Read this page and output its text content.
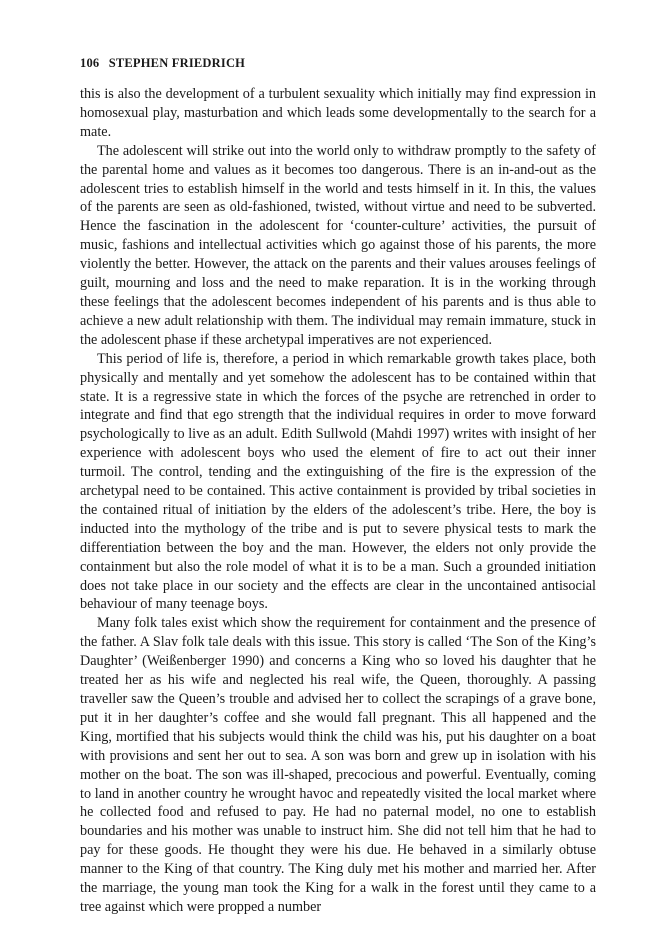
106 STEPHEN FRIEDRICH

this is also the development of a turbulent sexuality which initially may find expression in homosexual play, masturbation and which leads some developmentally to the search for a mate.

The adolescent will strike out into the world only to withdraw promptly to the safety of the parental home and values as it becomes too dangerous. There is an in-and-out as the adolescent tries to establish himself in the world and tests himself in it. In this, the values of the parents are seen as old-fashioned, twisted, without virtue and need to be subverted. Hence the fascination in the adolescent for ‘counter-culture’ activities, the pursuit of music, fashions and intellectual activities which go against those of his parents, the more violently the better. However, the attack on the parents and their values arouses feelings of guilt, mourning and loss and the need to make reparation. It is in the working through these feelings that the adolescent becomes independent of his parents and is thus able to achieve a new adult relationship with them. The individual may remain immature, stuck in the adolescent phase if these archetypal imperatives are not experienced.

This period of life is, therefore, a period in which remarkable growth takes place, both physically and mentally and yet somehow the adolescent has to be contained within that state. It is a regressive state in which the forces of the psyche are retrenched in order to integrate and find that ego strength that the individual requires in order to move forward psychologically to live as an adult. Edith Sullwold (Mahdi 1997) writes with insight of her experience with adolescent boys who used the element of fire to act out their inner turmoil. The control, tending and the extinguishing of the fire is the expression of the archetypal need to be contained. This active containment is provided by tribal societies in the contained ritual of initiation by the elders of the adolescent’s tribe. Here, the boy is inducted into the mythology of the tribe and is put to severe physical tests to mark the differentiation between the boy and the man. However, the elders not only provide the containment but also the role model of what it is to be a man. Such a grounded initiation does not take place in our society and the effects are clear in the uncontained antisocial behaviour of many teenage boys.

Many folk tales exist which show the requirement for containment and the presence of the father. A Slav folk tale deals with this issue. This story is called ‘The Son of the King’s Daughter’ (Weißenberger 1990) and concerns a King who so loved his daughter that he treated her as his wife and neglected his real wife, the Queen, thoroughly. A passing traveller saw the Queen’s trouble and advised her to collect the scrapings of a grave bone, put it in her daughter’s coffee and she would fall pregnant. This all happened and the King, mortified that his subjects would think the child was his, put his daughter on a boat with provisions and sent her out to sea. A son was born and grew up in isolation with his mother on the boat. The son was ill-shaped, precocious and powerful. Eventually, coming to land in another country he wrought havoc and repeatedly visited the local market where he collected food and refused to pay. He had no paternal model, no one to establish boundaries and his mother was unable to instruct him. She did not tell him that he had to pay for these goods. He thought they were his due. He behaved in a similarly obtuse manner to the King of that country. The King duly met his mother and married her. After the marriage, the young man took the King for a walk in the forest until they came to a tree against which were propped a number
